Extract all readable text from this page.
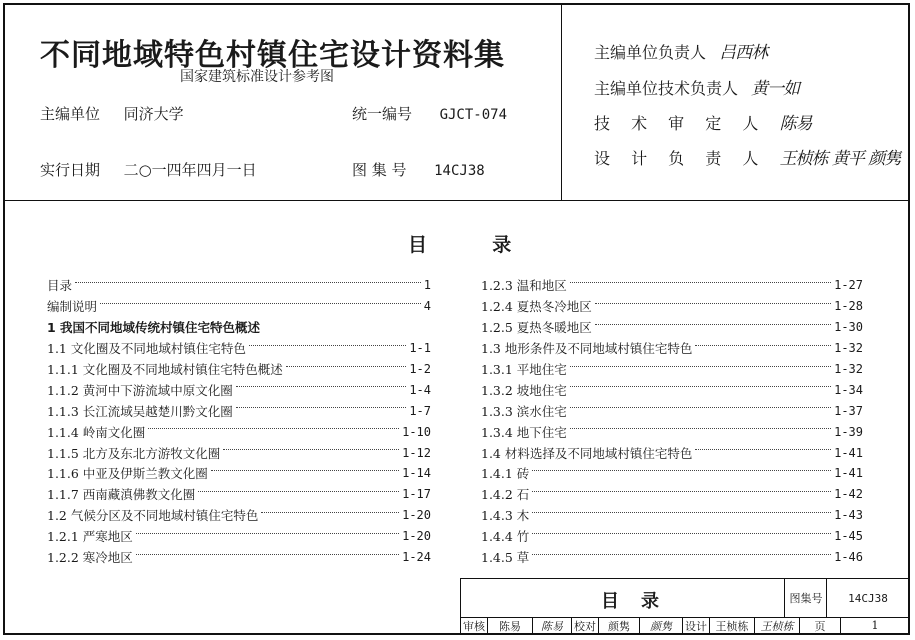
不同地域特色村镇住宅设计资料集
国家建筑标准设计参考图
主编单位 同济大学	统一编号 GJCT-074
实行日期 二○一四年四月一日	图 集 号 14CJ38
主编单位负责人 吕西林
主编单位技术负责人 黄一如
技 术 审 定 人 陈易
设 计 负 责 人 王桢栋 黄平 颜隽
目	录
目录	1
编制说明	4
1 我国不同地域传统村镇住宅特色概述
1.1 文化圈及不同地域村镇住宅特色	1-1
1.1.1 文化圈及不同地域村镇住宅特色概述	1-2
1.1.2 黄河中下游流域中原文化圈	1-4
1.1.3 长江流域吴越楚川黔文化圈	1-7
1.1.4 岭南文化圈	1-10
1.1.5 北方及东北方游牧文化圈	1-12
1.1.6 中亚及伊斯兰教文化圈	1-14
1.1.7 西南藏滇佛教文化圈	1-17
1.2 气候分区及不同地域村镇住宅特色	1-20
1.2.1 严寒地区	1-20
1.2.2 寒冷地区	1-24
1.2.3 温和地区	1-27
1.2.4 夏热冬冷地区	1-28
1.2.5 夏热冬暖地区	1-30
1.3 地形条件及不同地域村镇住宅特色	1-32
1.3.1 平地住宅	1-32
1.3.2 坡地住宅	1-34
1.3.3 滨水住宅	1-37
1.3.4 地下住宅	1-39
1.4 材料选择及不同地域村镇住宅特色	1-41
1.4.1 砖	1-41
1.4.2 石	1-42
1.4.3 木	1-43
1.4.4 竹	1-45
1.4.5 草	1-46
目录	图集号	14CJ38
审核	陈易	陈易	校对	颜隽	颜隽	设计 王桢栋	王桢栋	页	1
